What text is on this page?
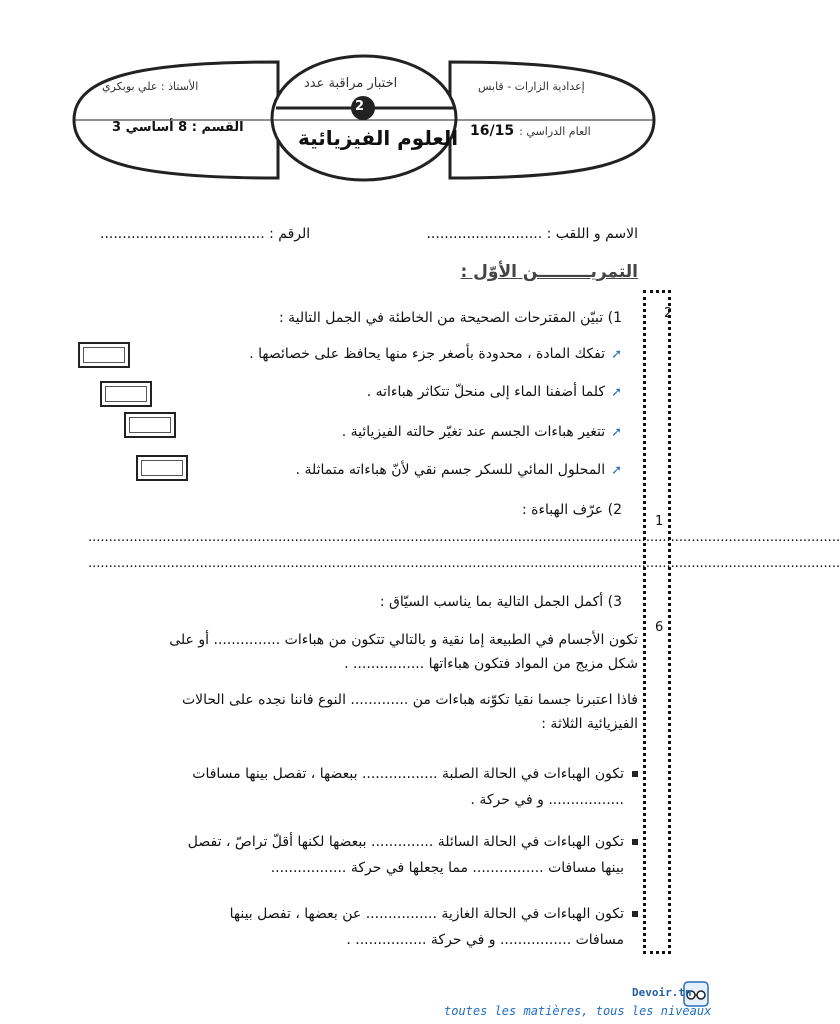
2
اختبار مراقبة عدد
العلوم الفيزيائية
إعدادية الزارات - قابس
العام الدراسي : 16/15
الأستاذ : علي بوبكري
القسم : 8 أساسي 3
الاسم و اللقب : ..........................
الرقم : .....................................
التمريـــــــــن الأوّل :
2
1
6
1) تبيّن المقترحات الصحيحة من الخاطئة في الجمل التالية :
➚تفكك المادة ، محدودة بأصغر جزء منها يحافظ على خصائصها .
➚كلما أضفنا الماء إلى منحلّ تتكاثر هباءاته .
➚تتغير هباءات الجسم عند تغيّر حالته الفيزيائية .
➚المحلول المائي للسكر جسم نقي لأنّ هباءاته متماثلة .
2) عرّف الهباءة :
......................................................................................................................................................................................
......................................................................................................................................................................................
3) أكمل الجمل التالية بما يناسب السيّاق :
تكون الأجسام في الطبيعة إما نقية و بالتالي تتكون من هباءات ............... أو على
شكل مزيج من المواد فتكون هباءاتها ................ .
فاذا اعتبرنا جسما نقيا تكوّنه هباءات من ............. النوع فاننا نجده على الحالات
الفيزيائية الثلاثة :
تكون الهباءات في الحالة الصلبة ................. ببعضها ، تفصل بينها مسافات
................. و في حركة .
تكون الهباءات في الحالة السائلة .............. ببعضها لكنها أقلّ تراصّ ، تفصل
بينها مسافات ................ مما يجعلها في حركة .................
تكون الهباءات في الحالة الغازية ................ عن بعضها ، تفصل بينها
مسافات ................ و في حركة ................ .
Devoir.tn
toutes les matières, tous les niveaux
